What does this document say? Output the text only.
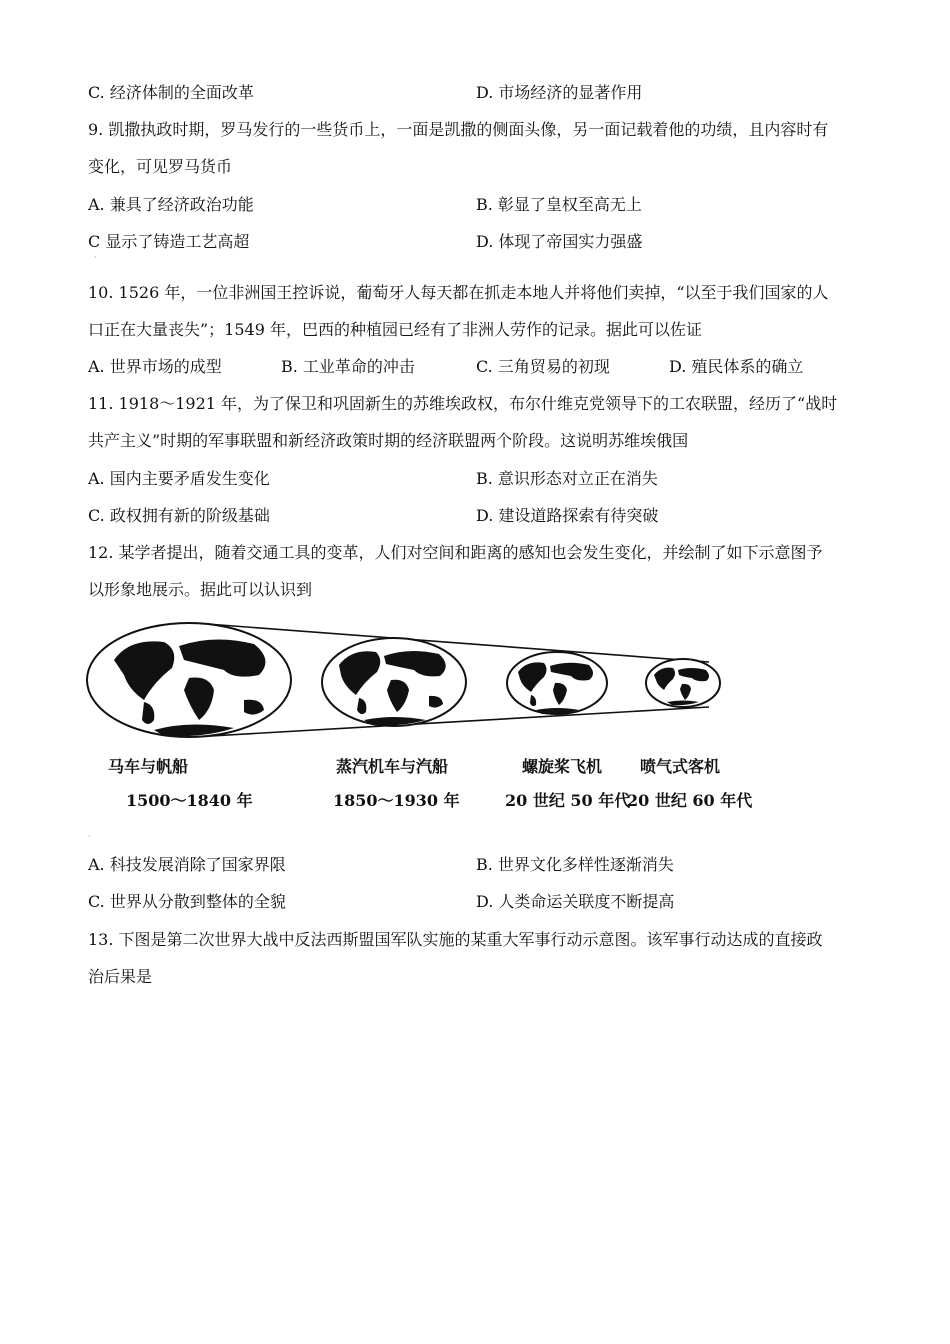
C. 经济体制的全面改革	D. 市场经济的显著作用
9. 凯撒执政时期，罗马发行的一些货币上，一面是凯撒的侧面头像，另一面记载着他的功绩，且内容时有
变化，可见罗马货币
A. 兼具了经济政治功能	B. 彰显了皇权至高无上
C 显示了铸造工艺高超	D. 体现了帝国实力强盛
·
10. 1526 年，一位非洲国王控诉说，葡萄牙人每天都在抓走本地人并将他们卖掉，“以至于我们国家的人
口正在大量丧失”；1549 年，巴西的种植园已经有了非洲人劳作的记录。据此可以佐证
A. 世界市场的成型	B. 工业革命的冲击	C. 三角贸易的初现	D. 殖民体系的确立
11. 1918～1921 年，为了保卫和巩固新生的苏维埃政权，布尔什维克党领导下的工农联盟，经历了“战时
共产主义”时期的军事联盟和新经济政策时期的经济联盟两个阶段。这说明苏维埃俄国
A. 国内主要矛盾发生变化	B. 意识形态对立正在消失
C. 政权拥有新的阶级基础	D. 建设道路探索有待突破
12. 某学者提出，随着交通工具的变革，人们对空间和距离的感知也会发生变化，并绘制了如下示意图予
以形象地展示。据此可以认识到
马车与帆船
1500～1840 年
蒸汽机车与汽船
1850～1930 年
螺旋桨飞机
20 世纪 50 年代
喷气式客机
20 世纪 60 年代
·
A. 科技发展消除了国家界限	B. 世界文化多样性逐渐消失
C. 世界从分散到整体的全貌	D. 人类命运关联度不断提高
13. 下图是第二次世界大战中反法西斯盟国军队实施的某重大军事行动示意图。该军事行动达成的直接政
治后果是
